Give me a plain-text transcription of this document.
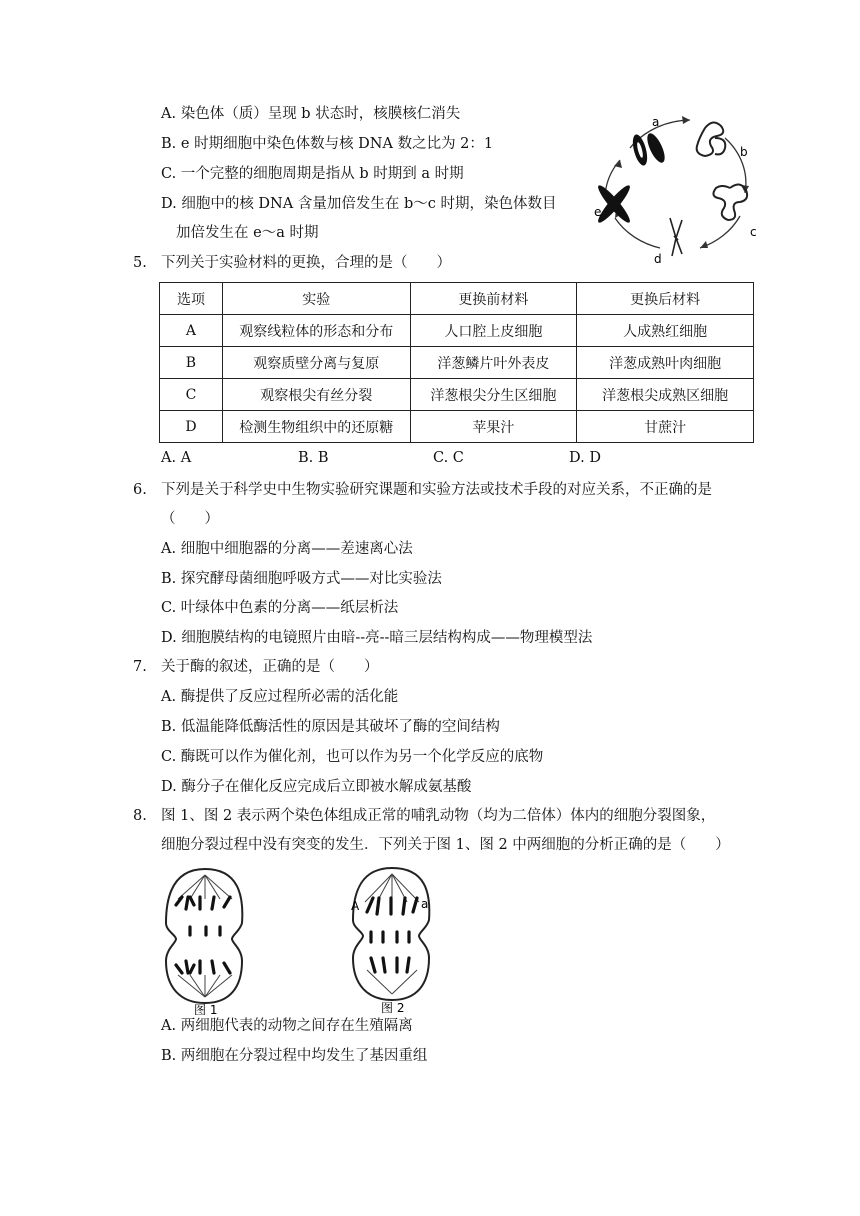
A. 染色体（质）呈现 b 状态时，核膜核仁消失
B. e 时期细胞中染色体数与核 DNA 数之比为 2：1
C. 一个完整的细胞周期是指从 b 时期到 a 时期
D. 细胞中的核 DNA 含量加倍发生在 b～c 时期，染色体数目
加倍发生在 e～a 时期
a
b
c
d
e
5. 下列关于实验材料的更换，合理的是（　　）
选项	实验	更换前材料	更换后材料
A	观察线粒体的形态和分布	人口腔上皮细胞	人成熟红细胞
B	观察质壁分离与复原	洋葱鳞片叶外表皮	洋葱成熟叶肉细胞
C	观察根尖有丝分裂	洋葱根尖分生区细胞	洋葱根尖成熟区细胞
D	检测生物组织中的还原糖	苹果汁	甘蔗汁
A. A	B. B	C. C	D. D
6. 下列是关于科学史中生物实验研究课题和实验方法或技术手段的对应关系，不正确的是
（　　）
A. 细胞中细胞器的分离——差速离心法
B. 探究酵母菌细胞呼吸方式——对比实验法
C. 叶绿体中色素的分离——纸层析法
D. 细胞膜结构的电镜照片由暗--亮--暗三层结构构成——物理模型法
7. 关于酶的叙述，正确的是（　　）
A. 酶提供了反应过程所必需的活化能
B. 低温能降低酶活性的原因是其破坏了酶的空间结构
C. 酶既可以作为催化剂，也可以作为另一个化学反应的底物
D. 酶分子在催化反应完成后立即被水解成氨基酸
8. 图 1、图 2 表示两个染色体组成正常的哺乳动物（均为二倍体）体内的细胞分裂图象，
细胞分裂过程中没有突变的发生．下列关于图 1、图 2 中两细胞的分析正确的是（　　）
图 1
A	a
图 2
A. 两细胞代表的动物之间存在生殖隔离
B. 两细胞在分裂过程中均发生了基因重组
